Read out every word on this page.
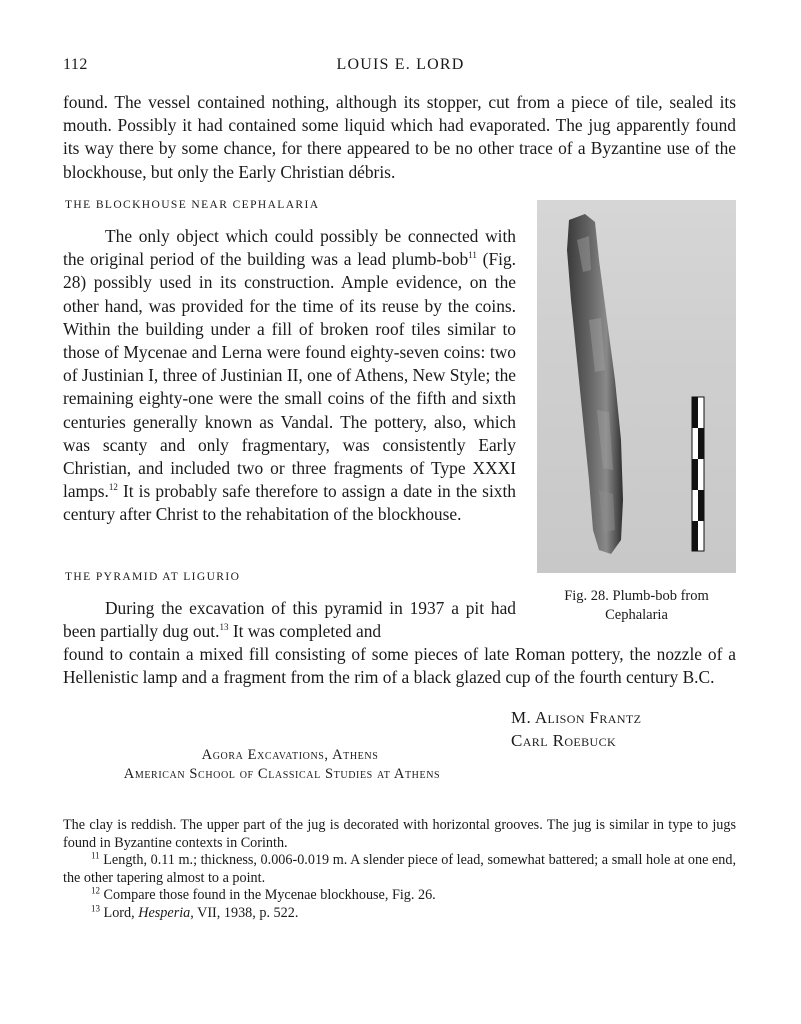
112	LOUIS E. LORD

found. The vessel contained nothing, although its stopper, cut from a piece of tile, sealed its mouth. Possibly it had contained some liquid which had evaporated. The jug apparently found its way there by some chance, for there appeared to be no other trace of a Byzantine use of the blockhouse, but only the Early Christian débris.

THE BLOCKHOUSE NEAR CEPHALARIA

The only object which could possibly be connected with the original period of the building was a lead plumb-bob$^{11}$ (Fig. 28) possibly used in its construction. Ample evidence, on the other hand, was provided for the time of its reuse by the coins. Within the building under a fill of broken roof tiles similar to those of Mycenae and Lerna were found eighty-seven coins: two of Justinian I, three of Justinian II, one of Athens, New Style; the remaining eighty-one were the small coins of the fifth and sixth centuries generally known as Vandal. The pottery, also, which was scanty and only fragmentary, was consistently Early Christian, and included two or three fragments of Type XXXI lamps.$^{12}$ It is probably safe therefore to assign a date in the sixth century after Christ to the rehabitation of the blockhouse.

Fig. 28. Plumb-bob from
Cephalaria
THE PYRAMID AT LIGURIO

During the excavation of this pyramid in 1937 a pit had been partially dug out.$^{13}$ It was completed and

found to contain a mixed fill consisting of some pieces of late Roman pottery, the nozzle of a Hellenistic lamp and a fragment from the rim of a black glazed cup of the fourth century B.C.

M. Alison Frantz
Carl Roebuck
Agora Excavations, Athens
American School of Classical Studies at Athens

The clay is reddish. The upper part of the jug is decorated with horizontal grooves. The jug is similar in type to jugs found in Byzantine contexts in Corinth.

$^{11}$ Length, 0.11 m.; thickness, 0.006-0.019 m. A slender piece of lead, somewhat battered; a small hole at one end, the other tapering almost to a point.

$^{12}$ Compare those found in the Mycenae blockhouse, Fig. 26.

$^{13}$ Lord, Hesperia, VII, 1938, p. 522.
